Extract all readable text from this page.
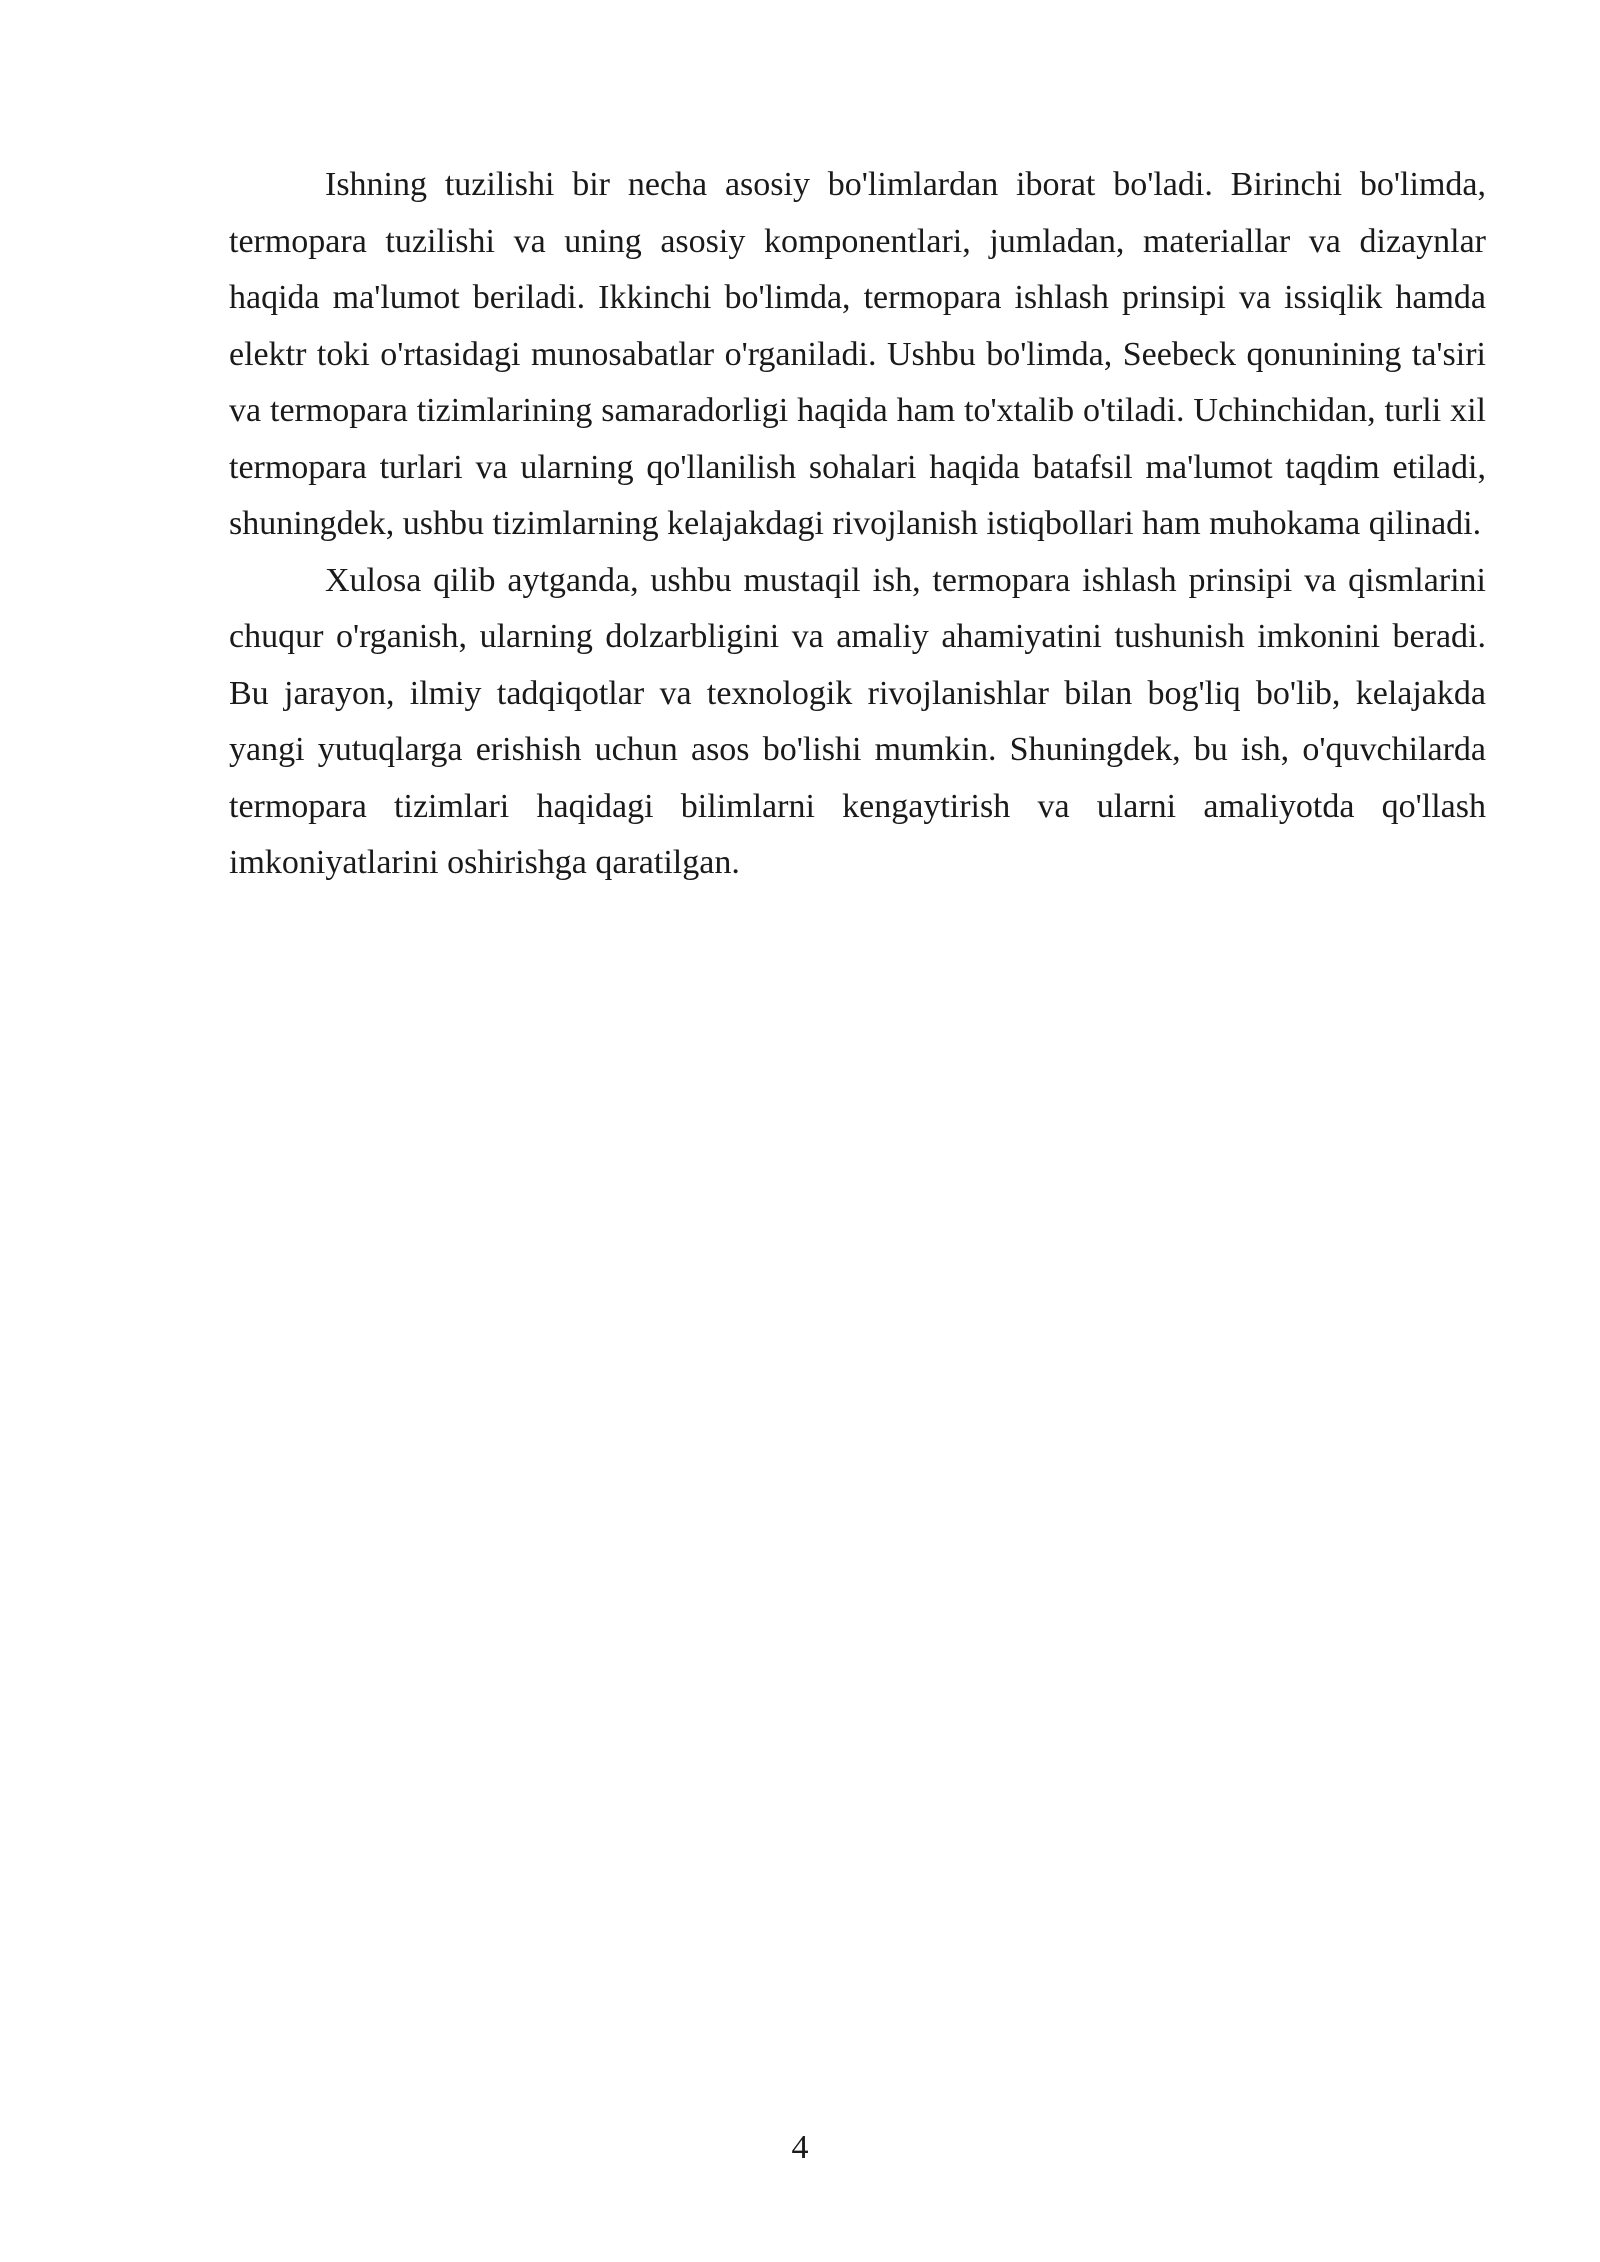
Ishning tuzilishi bir necha asosiy bo'limlardan iborat bo'ladi. Birinchi bo'limda, termopara tuzilishi va uning asosiy komponentlari, jumladan, materiallar va dizaynlar haqida ma'lumot beriladi. Ikkinchi bo'limda, termopara ishlash prinsipi va issiqlik hamda elektr toki o'rtasidagi munosabatlar o'rganiladi. Ushbu bo'limda, Seebeck qonunining ta'siri va termopara tizimlarining samaradorligi haqida ham to'xtalib o'tiladi. Uchinchidan, turli xil termopara turlari va ularning qo'llanilish sohalari haqida batafsil ma'lumot taqdim etiladi, shuningdek, ushbu tizimlarning kelajakdagi rivojlanish istiqbollari ham muhokama qilinadi.

Xulosa qilib aytganda, ushbu mustaqil ish, termopara ishlash prinsipi va qismlarini chuqur o'rganish, ularning dolzarbligini va amaliy ahamiyatini tushunish imkonini beradi. Bu jarayon, ilmiy tadqiqotlar va texnologik rivojlanishlar bilan bog'liq bo'lib, kelajakda yangi yutuqlarga erishish uchun asos bo'lishi mumkin. Shuningdek, bu ish, o'quvchilarda termopara tizimlari haqidagi bilimlarni kengaytirish va ularni amaliyotda qo'llash imkoniyatlarini oshirishga qaratilgan.

4
